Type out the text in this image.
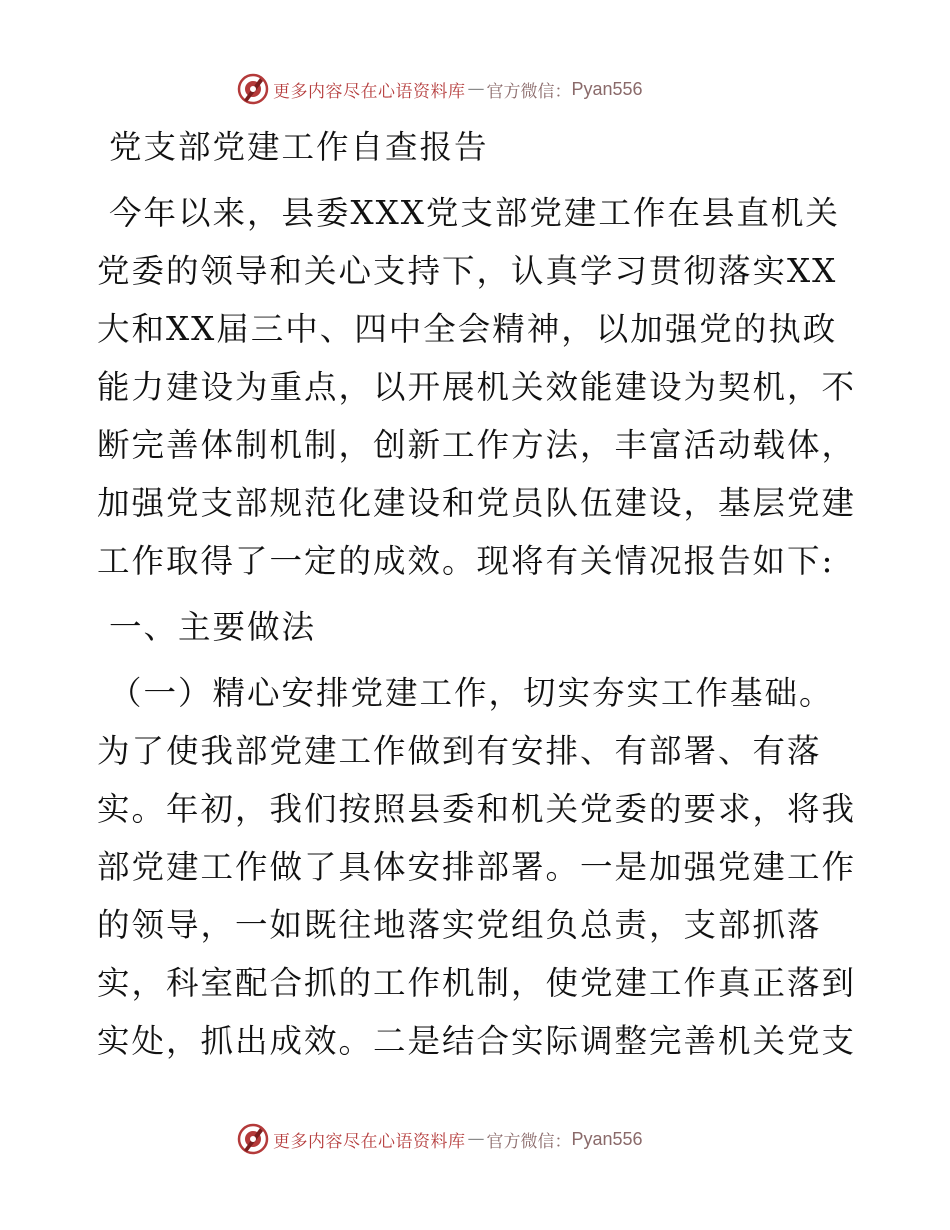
更多内容尽在心语资料库 — 官方微信： Pyan556
党支部党建工作自查报告
今年以来，县委XXX党支部党建工作在县直机关
党委的领导和关心支持下，认真学习贯彻落实XX
大和XX届三中、四中全会精神，以加强党的执政
能力建设为重点，以开展机关效能建设为契机，不
断完善体制机制，创新工作方法，丰富活动载体，
加强党支部规范化建设和党员队伍建设，基层党建
工作取得了一定的成效。现将有关情况报告如下:
一、主要做法
（一）精心安排党建工作，切实夯实工作基础。
为了使我部党建工作做到有安排、有部署、有落
实。年初，我们按照县委和机关党委的要求，将我
部党建工作做了具体安排部署。一是加强党建工作
的领导，一如既往地落实党组负总责，支部抓落
实，科室配合抓的工作机制，使党建工作真正落到
实处，抓出成效。二是结合实际调整完善机关党支
更多内容尽在心语资料库 — 官方微信： Pyan556
